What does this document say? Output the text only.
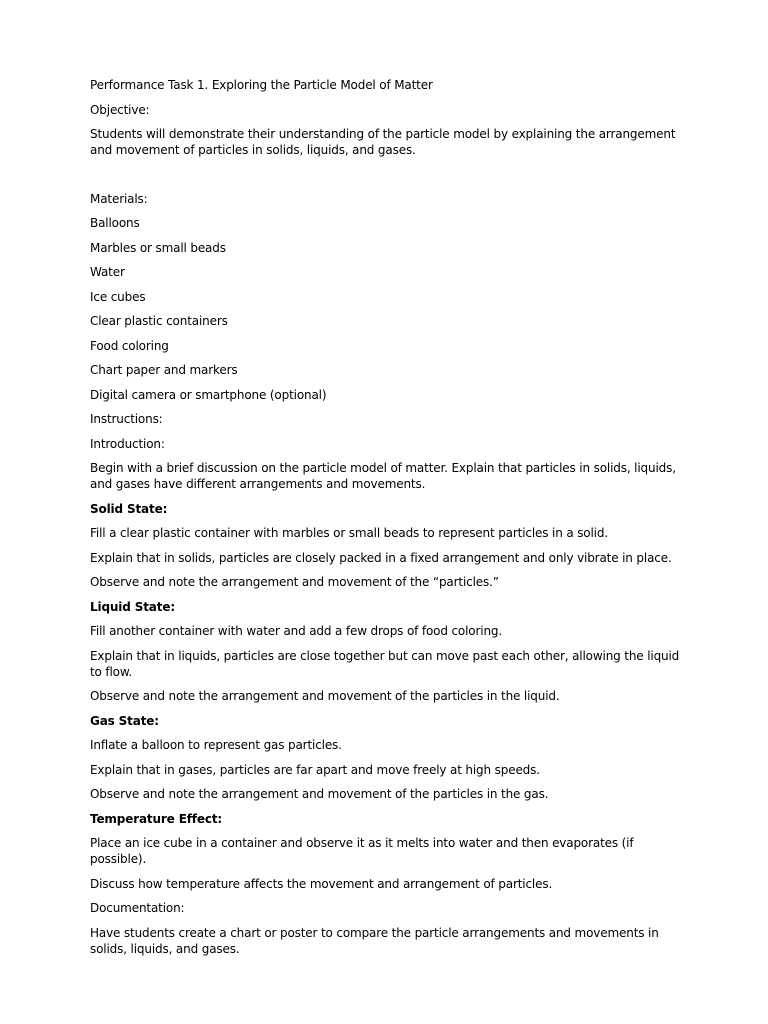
Performance Task 1. Exploring the Particle Model of Matter

Objective:

Students will demonstrate their understanding of the particle model by explaining the arrangement and movement of particles in solids, liquids, and gases.

Materials:

Balloons

Marbles or small beads

Water

Ice cubes

Clear plastic containers

Food coloring

Chart paper and markers

Digital camera or smartphone (optional)

Instructions:

Introduction:

Begin with a brief discussion on the particle model of matter. Explain that particles in solids, liquids, and gases have different arrangements and movements.

Solid State:

Fill a clear plastic container with marbles or small beads to represent particles in a solid.

Explain that in solids, particles are closely packed in a fixed arrangement and only vibrate in place.

Observe and note the arrangement and movement of the “particles.”

Liquid State:

Fill another container with water and add a few drops of food coloring.

Explain that in liquids, particles are close together but can move past each other, allowing the liquid to flow.

Observe and note the arrangement and movement of the particles in the liquid.

Gas State:

Inflate a balloon to represent gas particles.

Explain that in gases, particles are far apart and move freely at high speeds.

Observe and note the arrangement and movement of the particles in the gas.

Temperature Effect:

Place an ice cube in a container and observe it as it melts into water and then evaporates (if possible).

Discuss how temperature affects the movement and arrangement of particles.

Documentation:

Have students create a chart or poster to compare the particle arrangements and movements in solids, liquids, and gases.
